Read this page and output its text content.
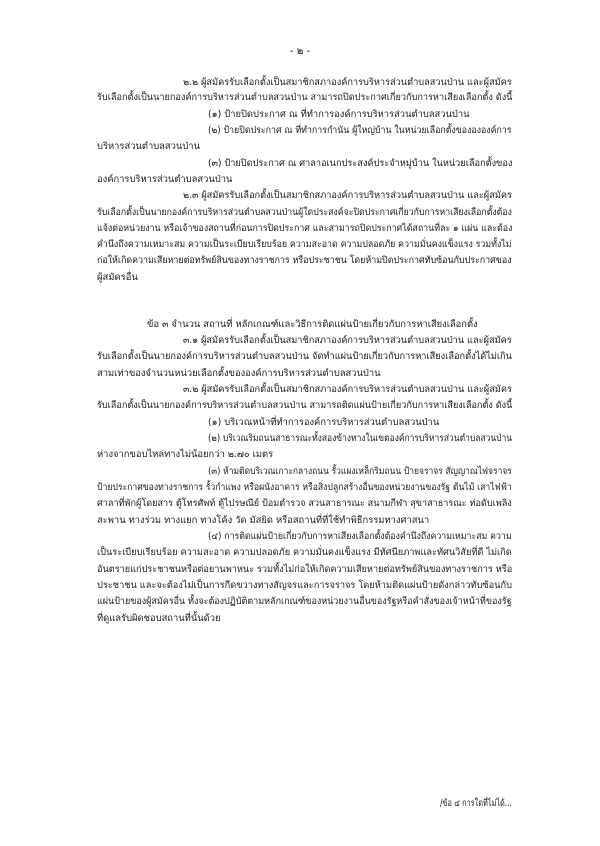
- ๒ -
๒.๒ ผู้สมัครรับเลือกตั้งเป็นสมาชิกสภาองค์การบริหารส่วนตำบลสวนป่าน และผู้สมัคร
รับเลือกตั้งเป็นนายกองค์การบริหารส่วนตำบลสวนป่าน สามารถปิดประกาศเกี่ยวกับการหาเสียงเลือกตั้ง ดังนี้
(๑) ป้ายปิดประกาศ ณ ที่ทำการองค์การบริหารส่วนตำบลสวนป่าน
(๒) ป้ายปิดประกาศ ณ ที่ทำการกำนัน ผู้ใหญ่บ้าน ในหน่วยเลือกตั้งของององค์การ
บริหารส่วนตำบลสวนป่าน
(๓) ป้ายปิดประกาศ ณ ศาลาอเนกประสงค์ประจำหมู่บ้าน ในหน่วยเลือกตั้งของ
องค์การบริหารส่วนตำบลสวนป่าน
๒.๓ ผู้สมัครรับเลือกตั้งเป็นสมาชิกสภาองค์การบริหารส่วนตำบลสวนป่าน และผู้สมัคร
รับเลือกตั้งเป็นนายกองค์การบริหารส่วนตำบลสวนป่านผู้ใดประสงค์จะปิดประกาศเกี่ยวกับการหาเสียงเลือกตั้งต้อง
แจ้งต่อหน่วยงาน หรือเจ้าของสถานที่ก่อนการปิดประกาศ และสามารถปิดประกาศได้สถานที่ละ ๑ แผ่น และต้อง
คำนึงถึงความเหมาะสม ความเป็นระเบียบเรียบร้อย ความสะอาด ความปลอดภัย ความมั่นคงแข็งแรง รวมทั้งไม่
ก่อให้เกิดความเสียหายต่อทรัพย์สินของทางราชการ หรือประชาชน โดยห้ามปิดประกาศทับซ้อนกับประกาศของ
ผู้สมัครอื่น
ข้อ ๓ จำนวน สถานที่ หลักเกณฑ์และวิธีการติดแผ่นป้ายเกี่ยวกับการหาเสียงเลือกตั้ง
๓.๑ ผู้สมัครรับเลือกตั้งเป็นสมาชิกสภาองค์การบริหารส่วนตำบลสวนป่าน และผู้สมัคร
รับเลือกตั้งเป็นนายกองค์การบริหารส่วนตำบลสวนป่าน จัดทำแผ่นป้ายเกี่ยวกับการหาเสียงเลือกตั้งได้ไม่เกิน
สามเท่าของจำนวนหน่วยเลือกตั้งขององค์การบริหารส่วนตำบลสวนป่าน
๓.๒ ผู้สมัครรับเลือกตั้งเป็นสมาชิกสภาองค์การบริหารส่วนตำบลสวนป่าน และผู้สมัคร
รับเลือกตั้งเป็นนายกองค์การบริหารส่วนตำบลสวนป่าน สามารถติดแผ่นป้ายเกี่ยวกับการหาเสียงเลือกตั้ง ดังนี้
(๑) บริเวณหน้าที่ทำการองค์การบริหารส่วนตำบลสวนป่าน
(๒) บริเวณริมถนนสาธารณะทั้งสองข้างทางในเขตองค์การบริหารส่วนตำบลสวนป่าน
ห่างจากขอบไหล่ทางไม่น้อยกว่า ๒.๗๐ เมตร
(๓) ห้ามติดบริเวณเกาะกลางถนน รั้วแผงเหล็กริมถนน ป้ายจราจร สัญญาณไฟจราจร
ป้ายประกาศของทางราชการ รั้วกำแพง หรือผนังอาคาร หรือสิ่งปลูกสร้างอื่นของหน่วยงานของรัฐ ต้นไม้ เสาไฟฟ้า
ศาลาที่พักผู้โดยสาร ตู้โทรศัพท์ ตู้ไปรษณีย์ ป้อมตำรวจ สวนสาธารณะ สนามกีฬา สุขาสาธารณะ ท่อดับเพลิง
สะพาน ทางร่วม ทางแยก ทางโค้ง วัด มัสยิด หรือสถานที่ที่ใช้ทำพิธีกรรมทางศาสนา
(๔) การติดแผ่นป้ายเกี่ยวกับการหาเสียงเลือกตั้งต้องคำนึงถึงความเหมาะสม ความ
เป็นระเบียบเรียบร้อย ความสะอาด ความปลอดภัย ความมั่นคงแข็งแรง มีทัศนียภาพและทัศนวิสัยที่ดี ไม่เกิด
อันตรายแก่ประชาชนหรือต่อยานพาหนะ รวมทั้งไม่ก่อให้เกิดความเสียหายต่อทรัพย์สินของทางราชการ หรือ
ประชาชน และจะต้องไม่เป็นการกีดขวางทางสัญจรและการจราจร โดยห้ามติดแผ่นป้ายดังกล่าวทับซ้อนกับ
แผ่นป้ายของผู้สมัครอื่น ทั้งจะต้องปฏิบัติตามหลักเกณฑ์ของหน่วยงานอื่นของรัฐหรือคำสั่งของเจ้าหน้าที่ของรัฐ
ที่ดูแลรับผิดชอบสถานที่นั้นด้วย
/ข้อ ๔ การใดที่ไม่ได้...
